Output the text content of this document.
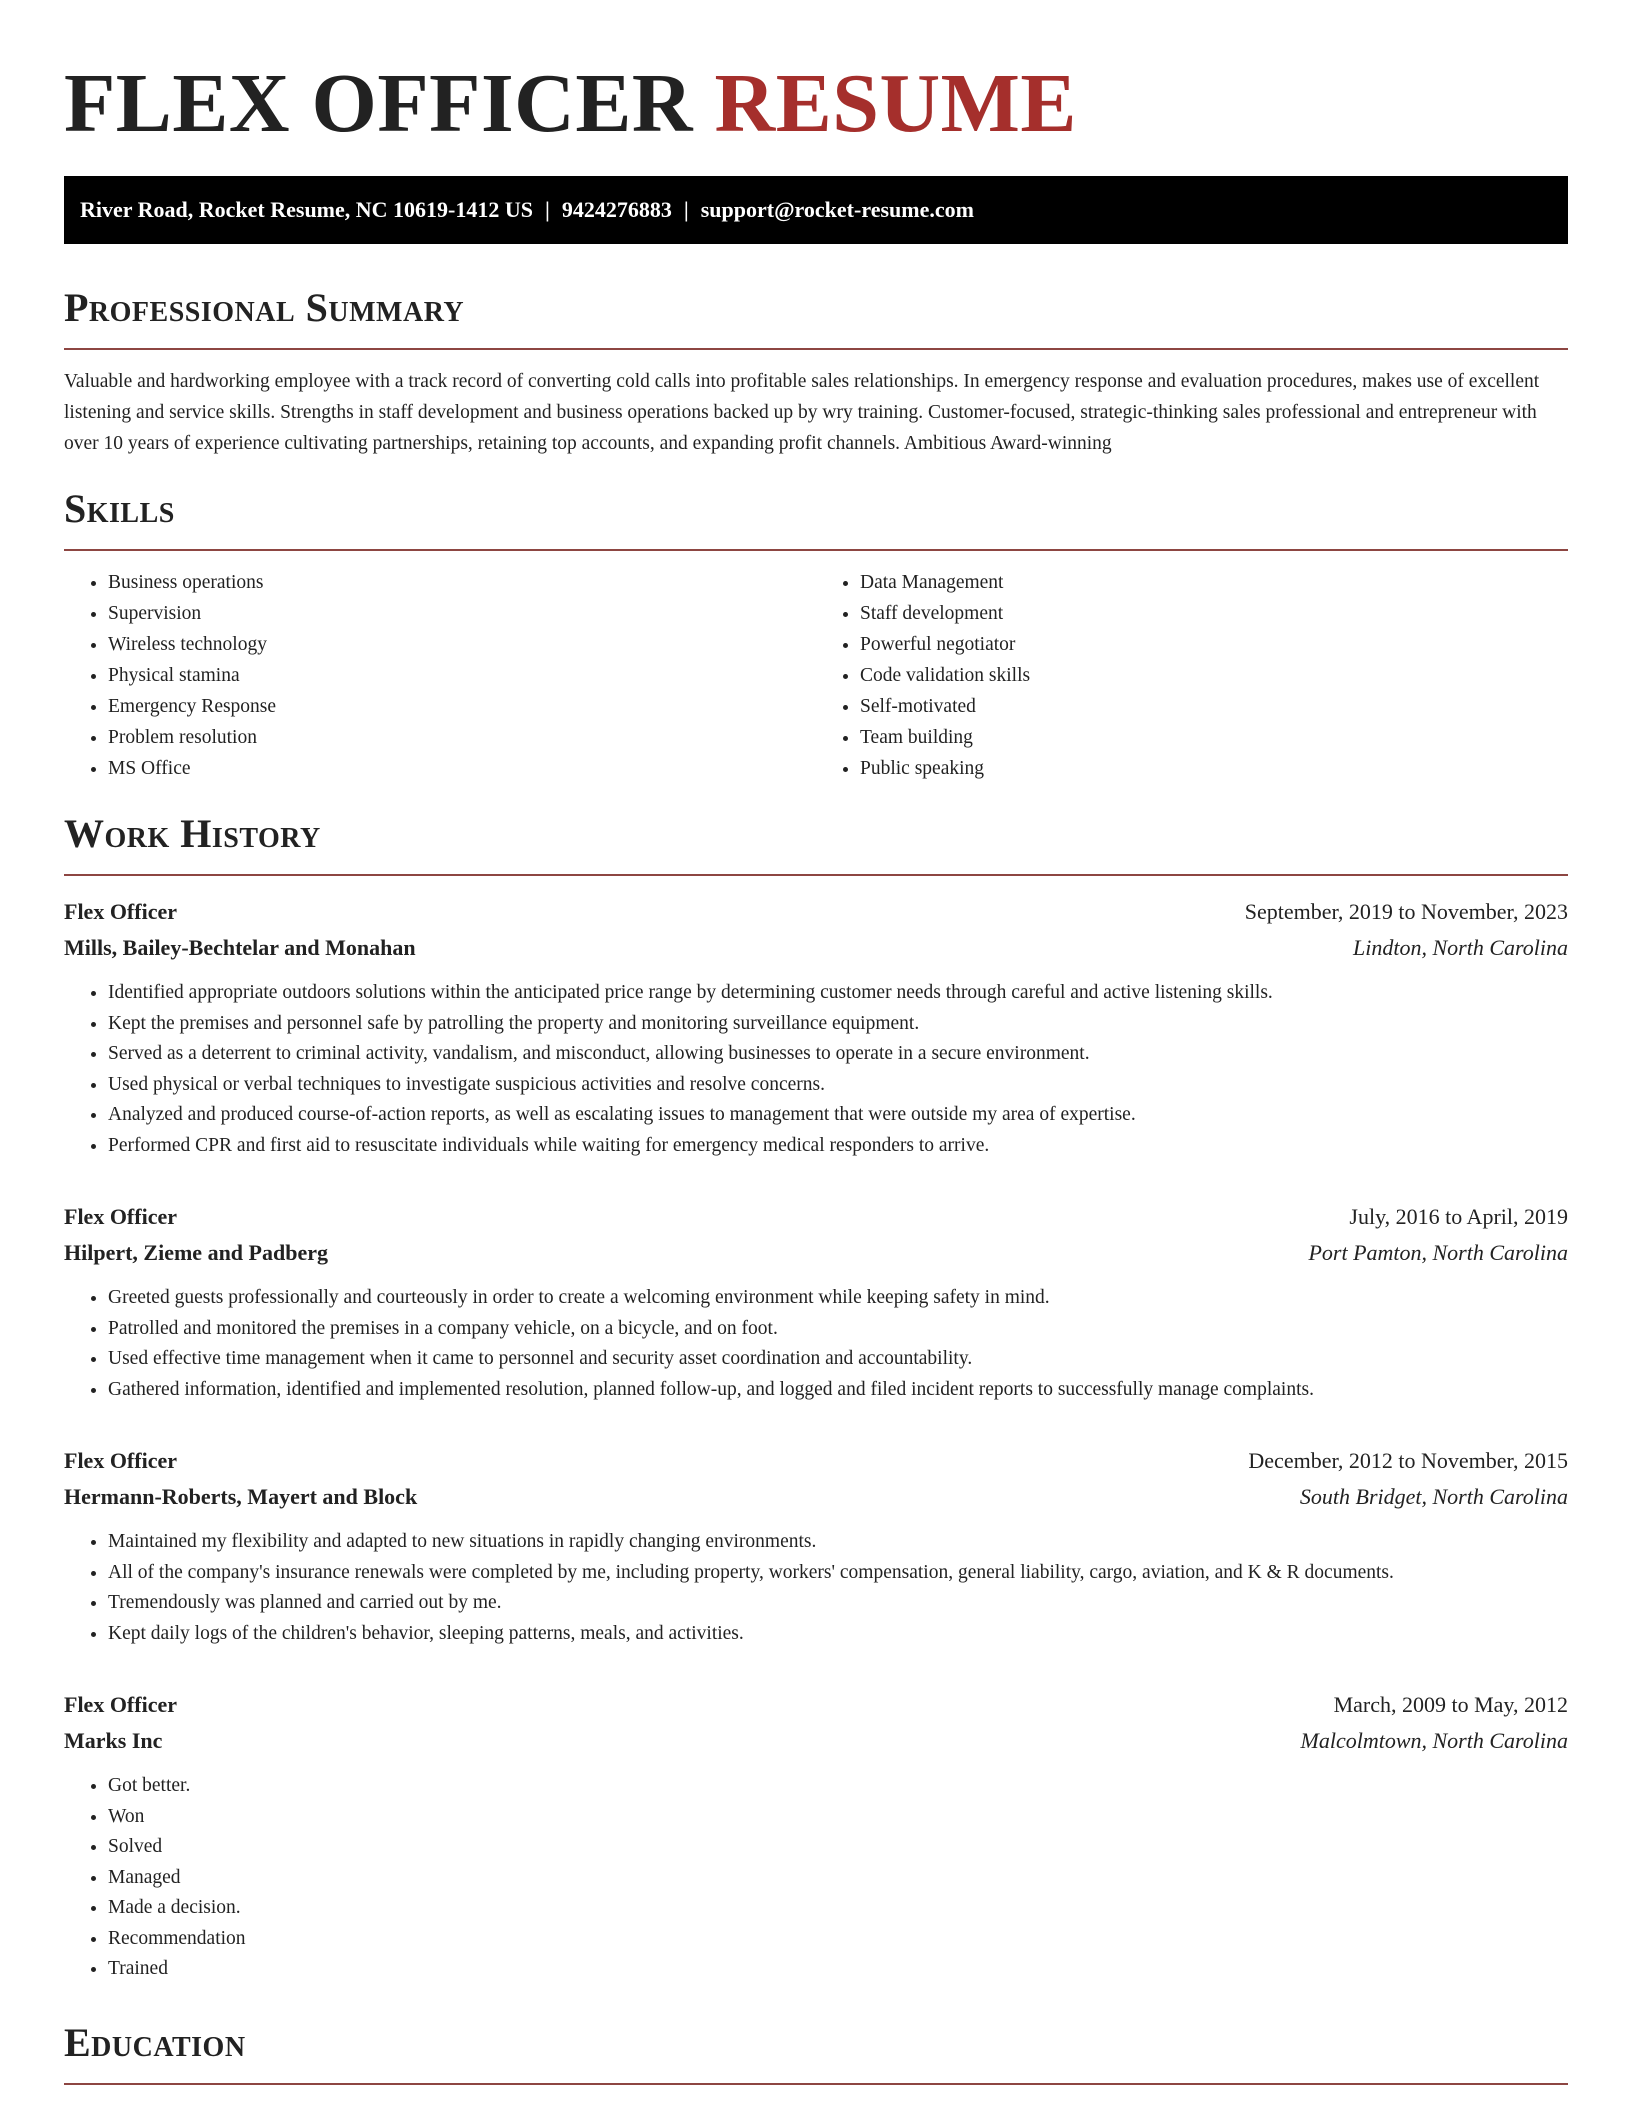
FLEX OFFICER RESUME
River Road, Rocket Resume, NC 10619-1412 US | 9424276883 | support@rocket-resume.com
Professional Summary

Valuable and hardworking employee with a track record of converting cold calls into profitable sales relationships. In emergency response and evaluation procedures, makes use of excellent listening and service skills. Strengths in staff development and business operations backed up by wry training. Customer-focused, strategic-thinking sales professional and entrepreneur with over 10 years of experience cultivating partnerships, retaining top accounts, and expanding profit channels. Ambitious Award-winning

Skills
• Business operations
• Supervision
• Wireless technology
• Physical stamina
• Emergency Response
• Problem resolution
• MS Office
• Data Management
• Staff development
• Powerful negotiator
• Code validation skills
• Self-motivated
• Team building
• Public speaking
Work History
Flex Officer	September, 2019 to November, 2023
Mills, Bailey-Bechtelar and Monahan	Lindton, North Carolina
• Identified appropriate outdoors solutions within the anticipated price range by determining customer needs through careful and active listening skills.
• Kept the premises and personnel safe by patrolling the property and monitoring surveillance equipment.
• Served as a deterrent to criminal activity, vandalism, and misconduct, allowing businesses to operate in a secure environment.
• Used physical or verbal techniques to investigate suspicious activities and resolve concerns.
• Analyzed and produced course-of-action reports, as well as escalating issues to management that were outside my area of expertise.
• Performed CPR and first aid to resuscitate individuals while waiting for emergency medical responders to arrive.
Flex Officer	July, 2016 to April, 2019
Hilpert, Zieme and Padberg	Port Pamton, North Carolina
• Greeted guests professionally and courteously in order to create a welcoming environment while keeping safety in mind.
• Patrolled and monitored the premises in a company vehicle, on a bicycle, and on foot.
• Used effective time management when it came to personnel and security asset coordination and accountability.
• Gathered information, identified and implemented resolution, planned follow-up, and logged and filed incident reports to successfully manage complaints.
Flex Officer	December, 2012 to November, 2015
Hermann-Roberts, Mayert and Block	South Bridget, North Carolina
• Maintained my flexibility and adapted to new situations in rapidly changing environments.
• All of the company's insurance renewals were completed by me, including property, workers' compensation, general liability, cargo, aviation, and K & R documents.
• Tremendously was planned and carried out by me.
• Kept daily logs of the children's behavior, sleeping patterns, meals, and activities.
Flex Officer	March, 2009 to May, 2012
Marks Inc	Malcolmtown, North Carolina
• Got better.
• Won
• Solved
• Managed
• Made a decision.
• Recommendation
• Trained
Education
